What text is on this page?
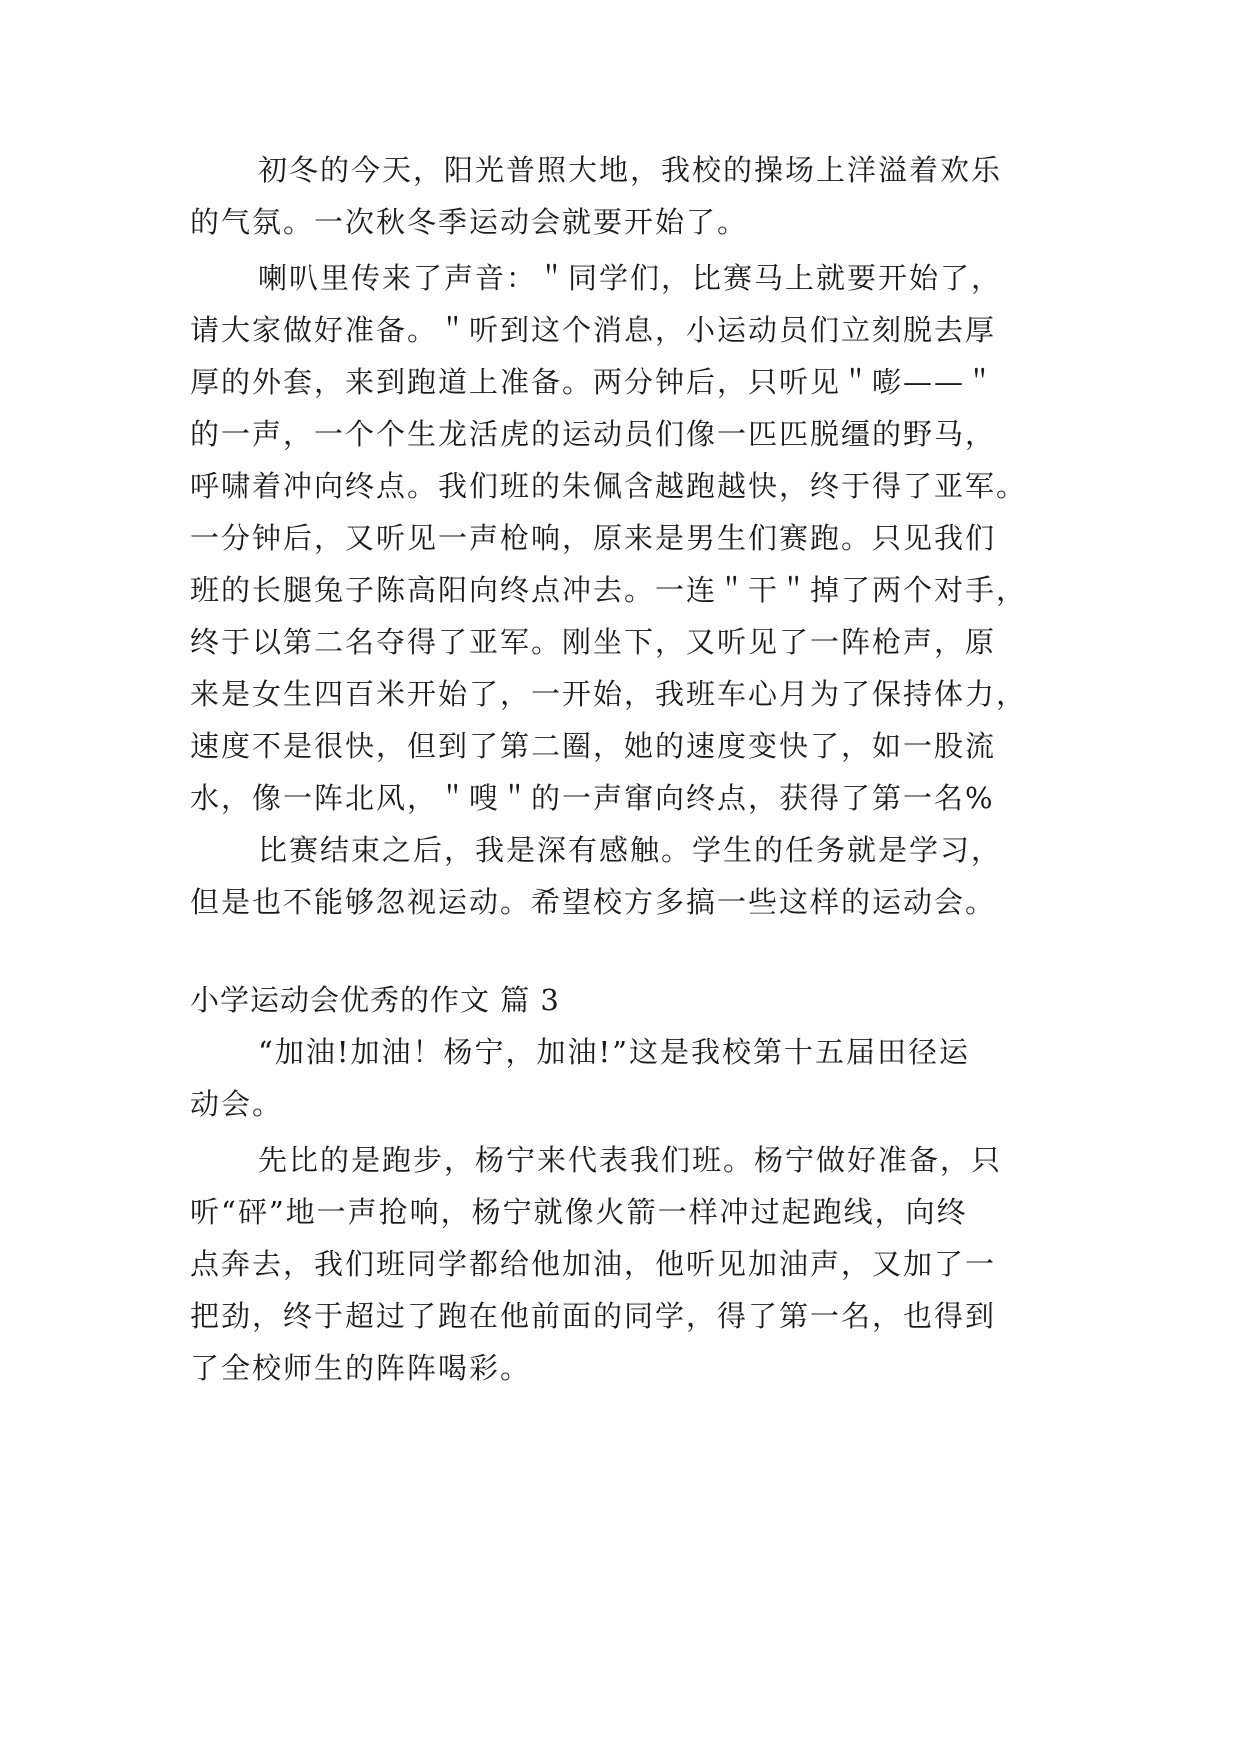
初冬的今天，阳光普照大地，我校的操场上洋溢着欢乐
的气氛。一次秋冬季运动会就要开始了。
喇叭里传来了声音：＂同学们，比赛马上就要开始了，
请大家做好准备。＂听到这个消息，小运动员们立刻脱去厚
厚的外套，来到跑道上准备。两分钟后，只听见＂嘭——＂
的一声，一个个生龙活虎的运动员们像一匹匹脱缰的野马，
呼啸着冲向终点。我们班的朱佩含越跑越快，终于得了亚军。
一分钟后，又听见一声枪响，原来是男生们赛跑。只见我们
班的长腿兔子陈高阳向终点冲去。一连＂干＂掉了两个对手，
终于以第二名夺得了亚军。刚坐下，又听见了一阵枪声，原
来是女生四百米开始了，一开始，我班车心月为了保持体力，
速度不是很快，但到了第二圈，她的速度变快了，如一股流
水，像一阵北风，＂嗖＂的一声窜向终点，获得了第一名%
比赛结束之后，我是深有感触。学生的任务就是学习，
但是也不能够忽视运动。希望校方多搞一些这样的运动会。
小学运动会优秀的作文 篇 3
“加油!加油！杨宁，加油!”这是我校第十五届田径运
动会。
先比的是跑步，杨宁来代表我们班。杨宁做好准备，只
听“砰”地一声抢响，杨宁就像火箭一样冲过起跑线，向终
点奔去，我们班同学都给他加油，他听见加油声，又加了一
把劲，终于超过了跑在他前面的同学，得了第一名，也得到
了全校师生的阵阵喝彩。
